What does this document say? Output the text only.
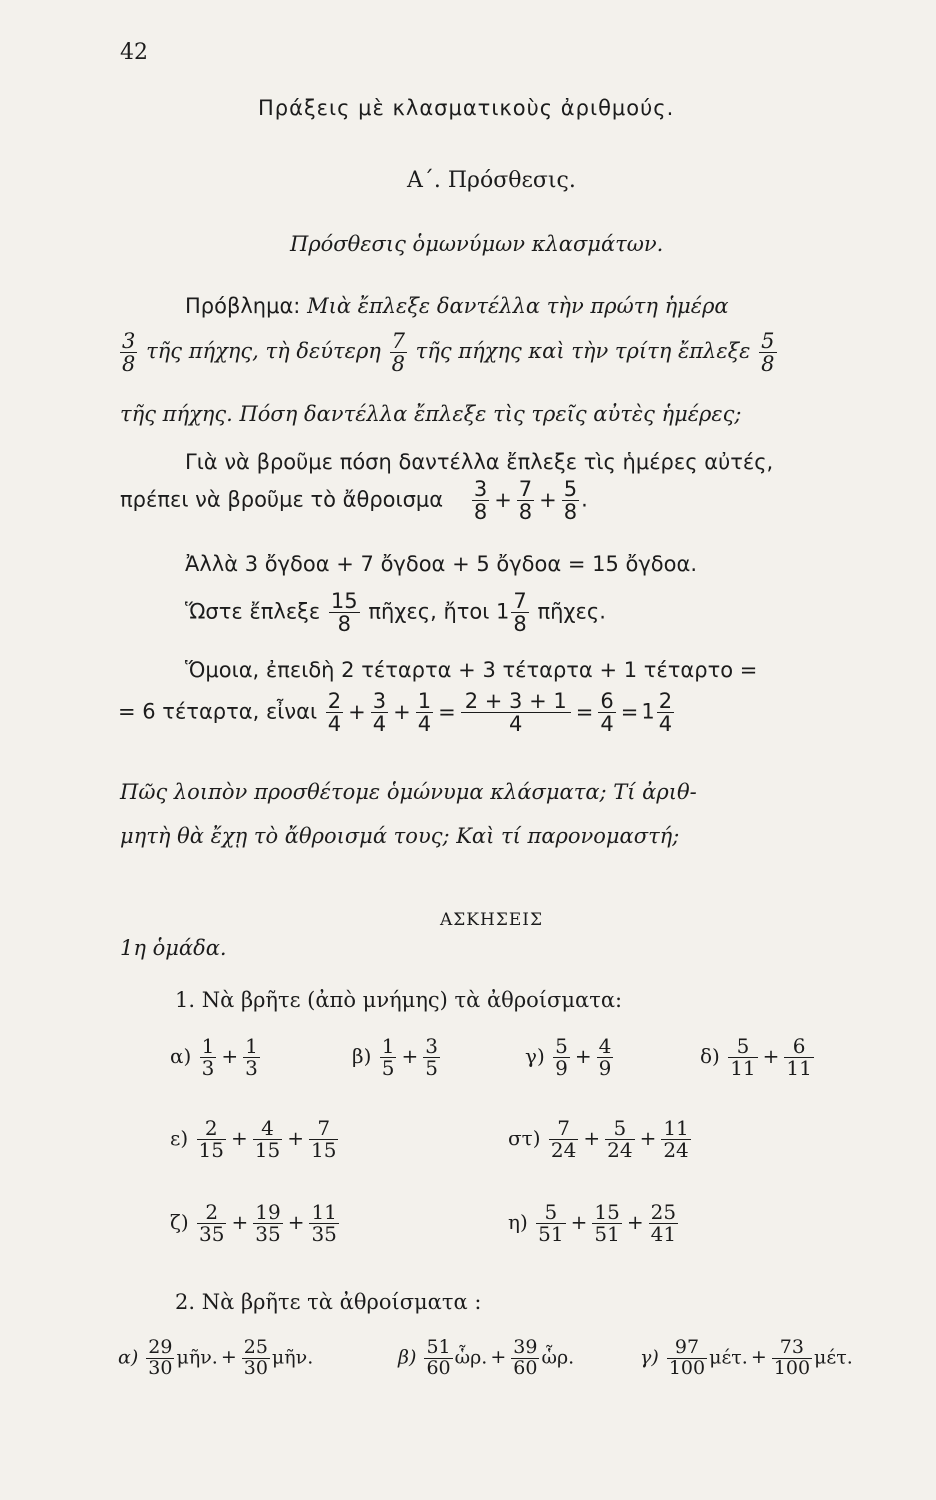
42
Πράξεις μὲ κλασματικοὺς ἀριθμούς.
Α΄. Πρόσθεσις.
Πρόσθεσις ὁμωνύμων κλασμάτων.
Πρόβλημα: Μιὰ ἔπλεξε δαντέλλα τὴν πρώτη ἡμέρα
$\frac{3}{8}$ τῆς πήχης, τὴ δεύτερη $\frac{7}{8}$ τῆς πήχης καὶ τὴν τρίτη ἔπλεξε $\frac{5}{8}$
τῆς πήχης. Πόση δαντέλλα ἔπλεξε τὶς τρεῖς αὐτὲς ἡμέρες;
Γιὰ νὰ βροῦμε πόση δαντέλλα ἔπλεξε τὶς ἡμέρες αὐτές,
πρέπει νὰ βροῦμε τὸ ἄθροισμα $\frac{3}{8} + \frac{7}{8} + \frac{5}{8}$ .
Ἀλλὰ 3 ὄγδοα + 7 ὄγδοα + 5 ὄγδοα = 15 ὄγδοα.
Ὥστε ἔπλεξε $\frac{15}{8}$ πῆχες, ἤτοι $1 \frac{7}{8}$ πῆχες.
Ὅμοια, ἐπειδὴ 2 τέταρτα + 3 τέταρτα + 1 τέταρτο =
= 6 τέταρτα, εἶναι $\frac{2}{4} + \frac{3}{4} + \frac{1}{4} = \frac{2 + 3 + 1}{4} = \frac{6}{4} = 1 \frac{2}{4}$
Πῶς λοιπὸν προσθέτομε ὁμώνυμα κλάσματα; Τί ἀριθ-
μητὴ θὰ ἔχῃ τὸ ἄθροισμά τους; Καὶ τί παρονομαστή;
ΑΣΚΗΣΕΙΣ
1η ὁμάδα.
1. Νὰ βρῆτε (ἀπὸ μνήμης) τὰ ἀθροίσματα:
$\alpha) \frac{1}{3} + \frac{1}{3}$	$\beta) \frac{1}{5} + \frac{3}{5}$	$\gamma) \frac{5}{9} + \frac{4}{9}$	$\delta) \frac{5}{11} + \frac{6}{11}$
$\varepsilon) \frac{2}{15} + \frac{4}{15} + \frac{7}{15}$	$\sigma\tau) \frac{7}{24} + \frac{5}{24} + \frac{11}{24}$
$\zeta) \frac{2}{35} + \frac{19}{35} + \frac{11}{35}$	$\eta) \frac{5}{51} + \frac{15}{51} + \frac{25}{41}$
2. Νὰ βρῆτε τὰ ἀθροίσματα :
$\alpha) \frac{29}{30}$ μῆν. + $\frac{25}{30}$ μῆν.	$\beta) \frac{51}{60}$ ὧρ. + $\frac{39}{60}$ ὧρ.	$\gamma) \frac{97}{100} \mu έ\tau$. + $\frac{73}{100} \mu έ\tau$.
